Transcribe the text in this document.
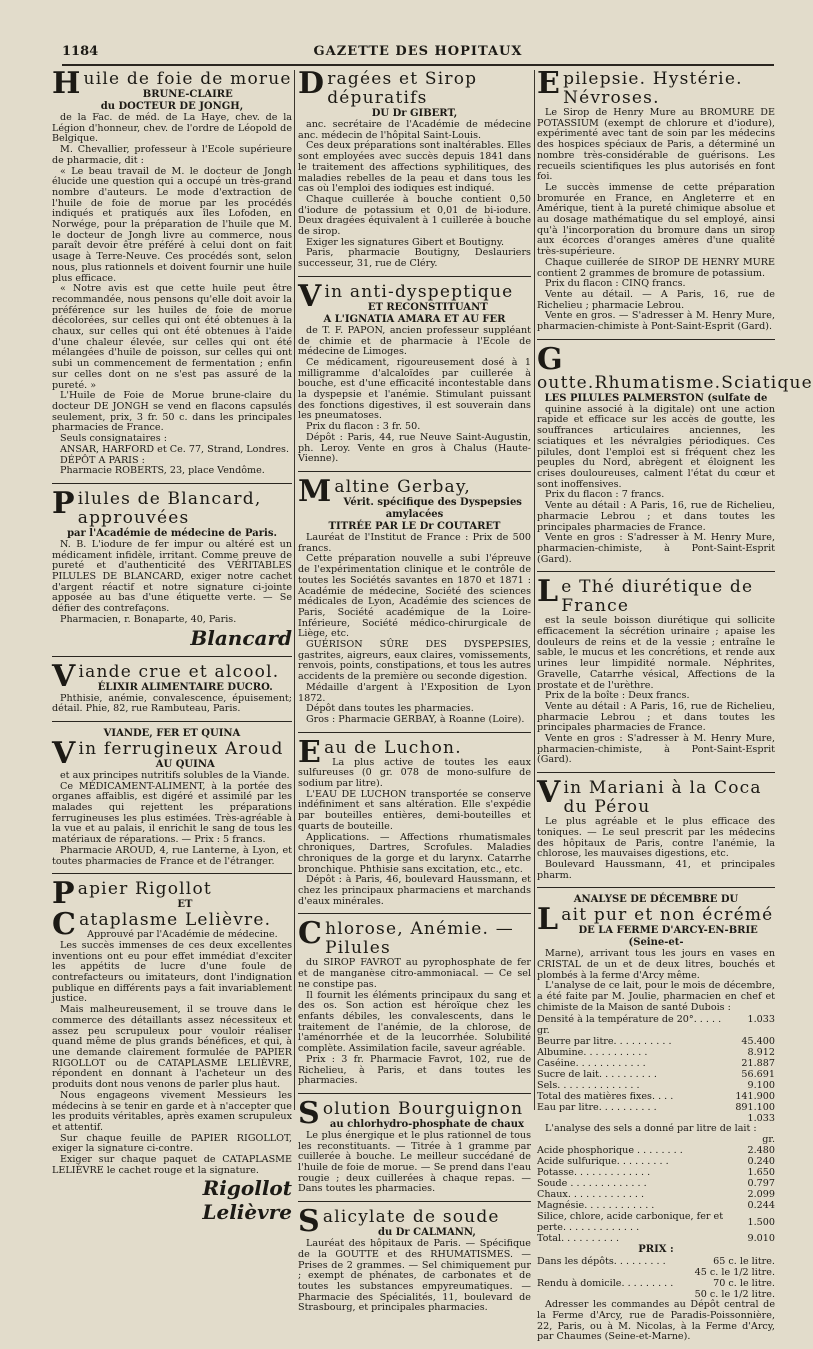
1184	GAZETTE DES HOPITAUX
Huile de foie de morue
BRUNE-CLAIRE
du DOCTEUR DE JONGH,

de la Fac. de méd. de La Haye, chev. de la Légion d'honneur, chev. de l'ordre de Léopold de Belgique.

M. Chevallier, professeur à l'Ecole supérieure de pharmacie, dit :

« Le beau travail de M. le docteur de Jongh élucide une question qui a occupé un très-grand nombre d'auteurs. Le mode d'extraction de l'huile de foie de morue par les procédés indiqués et pratiqués aux îles Lofoden, en Norwége, pour la préparation de l'huile que M. le docteur de Jongh livre au commerce, nous paraît devoir être préféré à celui dont on fait usage à Terre-Neuve. Ces procédés sont, selon nous, plus rationnels et doivent fournir une huile plus efficace.

« Notre avis est que cette huile peut être recommandée, nous pensons qu'elle doit avoir la préférence sur les huiles de foie de morue décolorées, sur celles qui ont été obtenues à la chaux, sur celles qui ont été obtenues à l'aide d'une chaleur élevée, sur celles qui ont été mélangées d'huile de poisson, sur celles qui ont subi un commencement de fermentation ; enfin sur celles dont on ne s'est pas assuré de la pureté. »

L'Huile de Foie de Morue brune-claire du docteur DE JONGH se vend en flacons capsulés seulement, prix, 3 fr. 50 c. dans les principales pharmacies de France.

Seuls consignataires :

ANSAR, HARFORD et Ce. 77, Strand, Londres.

DÉPÔT A PARIS :

Pharmacie ROBERTS, 23, place Vendôme.

Pilules de Blancard, approuvées
par l'Académie de médecine de Paris.

N. B. L'iodure de fer impur ou altéré est un médicament infidèle, irritant. Comme preuve de pureté et d'authenticité des VÉRITABLES PILULES DE BLANCARD, exiger notre cachet d'argent réactif et notre signature ci-jointe apposée au bas d'une étiquette verte. — Se défier des contrefaçons.

Pharmacien, r. Bonaparte, 40, Paris.

Blancard
Viande crue et alcool.
ÉLIXIR ALIMENTAIRE DUCRO.

Phthisie, anémie, convalescence, épuisement; détail. Phie, 82, rue Rambuteau, Paris.

VIANDE, FER ET QUINA
Vin ferrugineux Aroud
AU QUINA

et aux principes nutritifs solubles de la Viande.

Ce MÉDICAMENT-ALIMENT, à la portée des organes affaiblis, est digéré et assimilé par les malades qui rejettent les préparations ferrugineuses les plus estimées. Très-agréable à la vue et au palais, il enrichit le sang de tous les matériaux de réparations. — Prix : 5 francs.

Pharmacie AROUD, 4, rue Lanterne, à Lyon, et toutes pharmacies de France et de l'étranger.

Papier Rigollot
ET
Cataplasme Lelièvre.

Approuvé par l'Académie de médecine.

Les succès immenses de ces deux excellentes inventions ont eu pour effet immédiat d'exciter les appétits de lucre d'une foule de contrefacteurs ou imitateurs, dont l'indignation publique en différents pays a fait invariablement justice.

Mais malheureusement, il se trouve dans le commerce des détaillants assez nécessiteux et assez peu scrupuleux pour vouloir réaliser quand même de plus grands bénéfices, et qui, à une demande clairement formulée de PAPIER RIGOLLOT ou de CATAPLASME LELIÈVRE, répondent en donnant à l'acheteur un des produits dont nous venons de parler plus haut.

Nous engageons vivement Messieurs les médecins à se tenir en garde et à n'accepter que les produits véritables, après examen scrupuleux et attentif.

Sur chaque feuille de PAPIER RIGOLLOT, exiger la signature ci-contre.

Exiger sur chaque paquet de CATAPLASME LELIÈVRE le cachet rouge et la signature.

Rigollot
Lelièvre
Dragées et Sirop dépuratifs
DU Dr GIBERT,

anc. secrétaire de l'Académie de médecine anc. médecin de l'hôpital Saint-Louis.

Ces deux préparations sont inaltérables. Elles sont employées avec succès depuis 1841 dans le traitement des affections syphilitiques, des maladies rebelles de la peau et dans tous les cas où l'emploi des iodiques est indiqué.

Chaque cuillerée à bouche contient 0,50 d'iodure de potassium et 0,01 de bi-iodure. Deux dragées équivalent à 1 cuillerée à bouche de sirop.

Exiger les signatures Gibert et Boutigny.

Paris, pharmacie Boutigny, Deslauriers successeur, 31, rue de Cléry.

Vin anti-dyspeptique
ET RECONSTITUANT
A L'IGNATIA AMARA ET AU FER

de T. F. PAPON, ancien professeur suppléant de chimie et de pharmacie à l'Ecole de médecine de Limoges.

Ce médicament, rigoureusement dosé à 1 milligramme d'alcaloïdes par cuillerée à bouche, est d'une efficacité incontestable dans la dyspepsie et l'anémie. Stimulant puissant des fonctions digestives, il est souverain dans les pneumatoses.

Prix du flacon : 3 fr. 50.

Dépôt : Paris, 44, rue Neuve Saint-Augustin, ph. Leroy. Vente en gros à Chalus (Haute-Vienne).

Maltine Gerbay,
Vérit. spécifique des Dyspepsies amylacées
TITRÉE PAR LE Dr COUTARET

Lauréat de l'Institut de France : Prix de 500 francs.

Cette préparation nouvelle a subi l'épreuve de l'expérimentation clinique et le contrôle de toutes les Sociétés savantes en 1870 et 1871 : Académie de médecine, Société des sciences médicales de Lyon, Académie des sciences de Paris, Société académique de la Loire-Inférieure, Société médico-chirurgicale de Liège, etc.

GUÉRISON SÛRE DES DYSPEPSIES, gastrites, aigreurs, eaux claires, vomissements, renvois, points, constipations, et tous les autres accidents de la première ou seconde digestion.

Médaille d'argent à l'Exposition de Lyon 1872.

Dépôt dans toutes les pharmacies.

Gros : Pharmacie GERBAY, à Roanne (Loire).

Eau de Luchon.

La plus active de toutes les eaux sulfureuses (0 gr. 078 de mono-sulfure de sodium par litre).

L'EAU DE LUCHON transportée se conserve indéfiniment et sans altération. Elle s'expédie par bouteilles entières, demi-bouteilles et quarts de bouteille.

Applications. — Affections rhumatismales chroniques, Dartres, Scrofules. Maladies chroniques de la gorge et du larynx. Catarrhe bronchique. Phthisie sans excitation, etc., etc.

Dépôt : à Paris, 46, boulevard Haussmann, et chez les principaux pharmaciens et marchands d'eaux minérales.

Chlorose, Anémie. — Pilules

du SIROP FAVROT au pyrophosphate de fer et de manganèse citro-ammoniacal. — Ce sel ne constipe pas.

Il fournit les éléments principaux du sang et des os. Son action est héroïque chez les enfants débiles, les convalescents, dans le traitement de l'anémie, de la chlorose, de l'aménorrhée et de la leucorrhée. Solubilité complète. Assimilation facile, saveur agréable.

Prix : 3 fr. Pharmacie Favrot, 102, rue de Richelieu, à Paris, et dans toutes les pharmacies.

Solution Bourguignon
au chlorhydro-phosphate de chaux

Le plus énergique et le plus rationnel de tous les reconstituants. — Titrée à 1 gramme par cuillerée à bouche. Le meilleur succédané de l'huile de foie de morue. — Se prend dans l'eau rougie ; deux cuillerées à chaque repas. — Dans toutes les pharmacies.

Salicylate de soude
du Dr CALMANN,

Lauréat des hôpitaux de Paris. — Spécifique de la GOUTTE et des RHUMATISMES. — Prises de 2 grammes. — Sel chimiquement pur ; exempt de phénates, de carbonates et de toutes les substances empyreumatiques. — Pharmacie des Spécialités, 11, boulevard de Strasbourg, et principales pharmacies.

Epilepsie. Hystérie. Névroses.

Le Sirop de Henry Mure au BROMURE DE POTASSIUM (exempt de chlorure et d'iodure), expérimenté avec tant de soin par les médecins des hospices spéciaux de Paris, a déterminé un nombre très-considérable de guérisons. Les recueils scientifiques les plus autorisés en font foi.

Le succès immense de cette préparation bromurée en France, en Angleterre et en Amérique, tient à la pureté chimique absolue et au dosage mathématique du sel employé, ainsi qu'à l'incorporation du bromure dans un sirop aux écorces d'oranges amères d'une qualité très-supérieure.

Chaque cuillerée de SIROP DE HENRY MURE contient 2 grammes de bromure de potassium.

Prix du flacon : CINQ francs.

Vente au détail. — A Paris, 16, rue de Richelieu ; pharmacie Lebrou.

Vente en gros. — S'adresser à M. Henry Mure, pharmacien-chimiste à Pont-Saint-Esprit (Gard).

G
outte.Rhumatisme.Sciatique
LES PILULES PALMERSTON (sulfate de

quinine associé à la digitale) ont une action rapide et efficace sur les accès de goutte, les souffrances articulaires anciennes, les sciatiques et les névralgies périodiques. Ces pilules, dont l'emploi est si fréquent chez les peuples du Nord, abrègent et éloignent les crises douloureuses, calment l'état du cœur et sont inoffensives.

Prix du flacon : 7 francs.

Vente au détail : A Paris, 16, rue de Richelieu, pharmacie Lebrou ; et dans toutes les principales pharmacies de France.

Vente en gros : S'adresser à M. Henry Mure, pharmacien-chimiste, à Pont-Saint-Esprit (Gard).

Le Thé diurétique de France

est la seule boisson diurétique qui sollicite efficacement la sécrétion urinaire ; apaise les douleurs de reins et de la vessie ; entraîne le sable, le mucus et les concrétions, et rende aux urines leur limpidité normale. Néphrites, Gravelle, Catarrhe vésical, Affections de la prostate et de l'urèthre.

Prix de la boîte : Deux francs.

Vente au détail : A Paris, 16, rue de Richelieu, pharmacie Lebrou ; et dans toutes les principales pharmacies de France.

Vente en gros : S'adresser à M. Henry Mure, pharmacien-chimiste, à Pont-Saint-Esprit (Gard).

Vin Mariani à la Coca du Pérou

Le plus agréable et le plus efficace des toniques. — Le seul prescrit par les médecins des hôpitaux de Paris, contre l'anémie, la chlorose, les mauvaises digestions, etc.

Boulevard Haussmann, 41, et principales pharm.

ANALYSE DE DÉCEMBRE DU
Lait pur et non écrémé
DE LA FERME D'ARCY-EN-BRIE (Seine-et-

Marne), arrivant tous les jours en vases en CRISTAL de un et de deux litres, bouchés et plombés à la ferme d'Arcy même.

L'analyse de ce lait, pour le mois de décembre, a été faite par M. Joulie, pharmacien en chef et chimiste de la Maison de santé Dubois :

Densité à la température de 20°. . . . .	1.033
gr.	
Beurre par litre. . . . . . . . . .	45.400
Albumine. . . . . . . . . . .	8.912
Caséine. . . . . . . . . . . .	21.887
Sucre de lait. . . . . . . . . .	56.691
Sels. . . . . . . . . . . . . .	9.100
Total des matières fixes. . . .	141.900
Eau par litre. . . . . . . . . .	891.100
	1.033

L'analyse des sels a donné par litre de lait :

	gr.
Acide phosphorique . . . . . . . .	2.480
Acide sulfurique. . . . . . . . .	0.240
Potasse. . . . . . . . . . . . .	1.650
Soude . . . . . . . . . . . . .	0.797
Chaux. . . . . . . . . . . . .	2.099
Magnésie. . . . . . . . . . . .	0.244
Silice, chlore, acide carbonique, fer et perte. . . . . . . . . . . . .	1.500
Total. . . . . . . . . .	9.010
PRIX :
Dans les dépôts. . . . . . . . .	65 c. le litre.
	45 c. le 1/2 litre.
Rendu à domicile. . . . . . . . .	70 c. le litre.
	50 c. le 1/2 litre.

Adresser les commandes au Dépôt central de la Ferme d'Arcy, rue de Paradis-Poissonnière, 22, Paris, ou à M. Nicolas, à la Ferme d'Arcy, par Chaumes (Seine-et-Marne).
